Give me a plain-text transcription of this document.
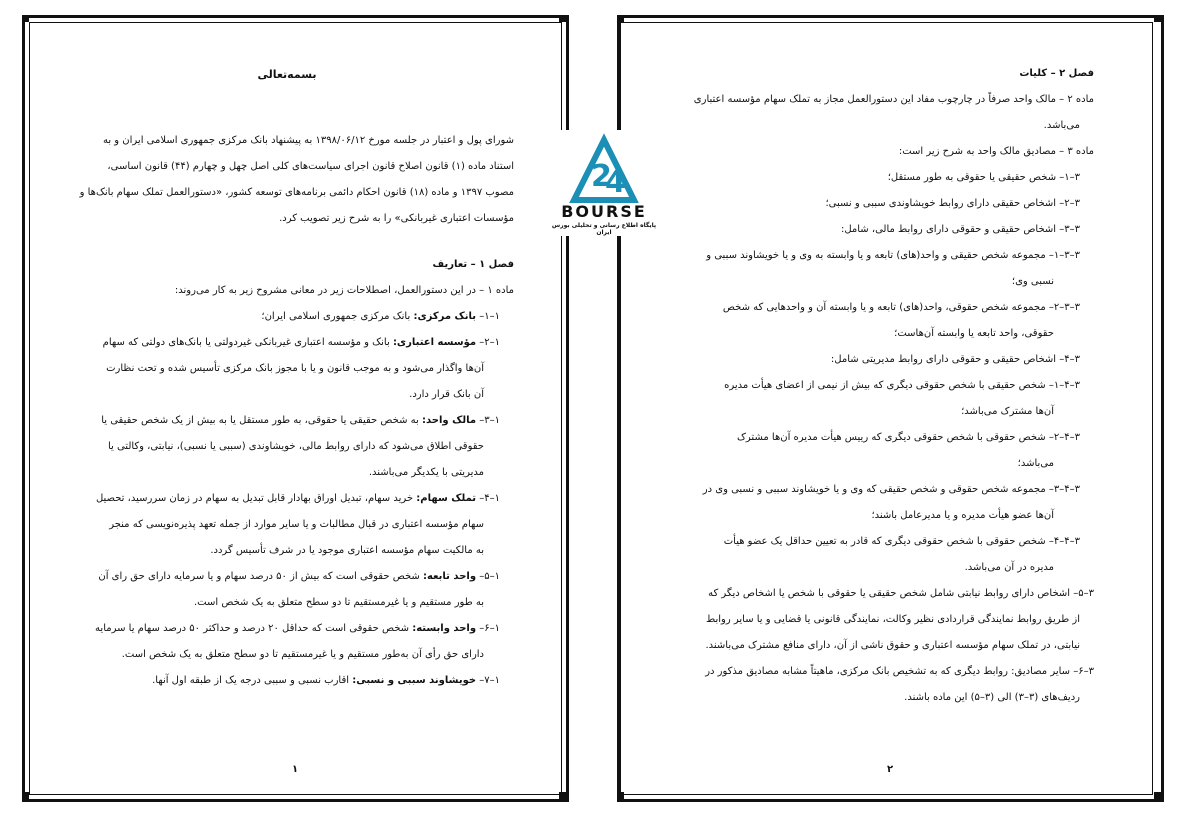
بسمه‌تعالی

شورای پول و اعتبار در جلسه مورخ ۱۳۹۸/۰۶/۱۲ به پیشنهاد بانک مرکزی جمهوری اسلامی ایران و به

استناد ماده (۱) قانون اصلاح قانون اجرای سیاست‌های کلی اصل چهل و چهارم (۴۴) قانون اساسی،

مصوب ۱۳۹۷ و ماده (۱۸) قانون احکام دائمی برنامه‌های توسعه کشور، «دستورالعمل تملک سهام بانک‌ها و

مؤسسات اعتباری غیربانکی» را به شرح زیر تصویب کرد.

فصل ۱ – تعاریف

ماده ۱ – در این دستورالعمل، اصطلاحات زیر در معانی مشروح زیر به کار می‌روند:

۱–۱– بانک مرکزی: بانک مرکزی جمهوری اسلامی ایران؛

۱–۲– مؤسسه اعتباری: بانک و مؤسسه اعتباری غیربانکی غیردولتی یا بانک‌های دولتی که سهام

آن‌ها واگذار می‌شود و به موجب قانون و یا با مجوز بانک مرکزی تأسیس شده و تحت نظارت

آن بانک قرار دارد.

۱–۳– مالک واحد: به شخص حقیقی یا حقوقی، به طور مستقل یا به بیش از یک شخص حقیقی یا

حقوقی اطلاق می‌شود که دارای روابط مالی، خویشاوندی (سببی یا نسبی)، نیابتی، وکالتی یا

مدیریتی با یکدیگر می‌باشند.

۱–۴– تملک سهام: خرید سهام، تبدیل اوراق بهادار قابل تبدیل به سهام در زمان سررسید، تحصیل

سهام مؤسسه اعتباری در قبال مطالبات و یا سایر موارد از جمله تعهد پذیره‌نویسی که منجر

به مالکیت سهام مؤسسه اعتباری موجود یا در شرف تأسیس گردد.

۱–۵– واحد تابعه: شخص حقوقی است که بیش از ۵۰ درصد سهام و یا سرمایه دارای حق رای آن

به طور مستقیم و یا غیرمستقیم تا دو سطح متعلق به یک شخص است.

۱–۶– واحد وابسته: شخص حقوقی است که حداقل ۲۰ درصد و حداکثر ۵۰ درصد سهام یا سرمایه

دارای حق رأی آن به‌طور مستقیم و یا غیرمستقیم تا دو سطح متعلق به یک شخص است.

۱–۷– خویشاوند سببی و نسبی: اقارب نسبی و سببی درجه یک از طبقه اول آنها.

۱

فصل ۲ – کلیات

ماده ۲ – مالک واحد صرفاً در چارچوب مفاد این دستورالعمل مجاز به تملک سهام مؤسسه اعتباری

می‌باشد.

ماده ۳ – مصادیق مالک واحد به شرح زیر است:

۳–۱– شخص حقیقی یا حقوقی به طور مستقل؛

۳–۲– اشخاص حقیقی دارای روابط خویشاوندی سببی و نسبی؛

۳–۳– اشخاص حقیقی و حقوقی دارای روابط مالی، شامل:

۳–۳–۱– مجموعه شخص حقیقی و واحد(های) تابعه و یا وابسته به وی و یا خویشاوند سببی و

نسبی وی؛

۳–۳–۲– مجموعه شخص حقوقی، واحد(های) تابعه و یا وابسته آن و واحدهایی که شخص

حقوقی، واحد تابعه یا وابسته آن‌هاست؛

۳–۴– اشخاص حقیقی و حقوقی دارای روابط مدیریتی شامل:

۳–۴–۱– شخص حقیقی با شخص حقوقی دیگری که بیش از نیمی از اعضای هیأت مدیره

آن‌ها مشترک می‌باشد؛

۳–۴–۲– شخص حقوقی با شخص حقوقی دیگری که رییس هیأت مدیره آن‌ها مشترک

می‌باشد؛

۳–۴–۳– مجموعه شخص حقوقی و شخص حقیقی که وی و یا خویشاوند سببی و نسبی وی در

آن‌ها عضو هیأت مدیره و یا مدیرعامل باشند؛

۳–۴–۴– شخص حقوقی با شخص حقوقی دیگری که قادر به تعیین حداقل یک عضو هیأت

مدیره در آن می‌باشد.

۳–۵– اشخاص دارای روابط نیابتی شامل شخص حقیقی یا حقوقی با شخص یا اشخاص دیگر که

از طریق روابط نمایندگی قراردادی نظیر وکالت، نمایندگی قانونی یا قضایی و یا سایر روابط

نیابتی، در تملک سهام مؤسسه اعتباری و حقوق ناشی از آن، دارای منافع مشترک می‌باشند.

۳–۶– سایر مصادیق: روابط دیگری که به تشخیص بانک مرکزی، ماهیتاً مشابه مصادیق مذکور در

ردیف‌های (۳–۳) الی (۳–۵) این ماده باشند.

۲
2
4
BOURSE
پایگاه اطلاع رسانی و تحلیلی بورس ایران
